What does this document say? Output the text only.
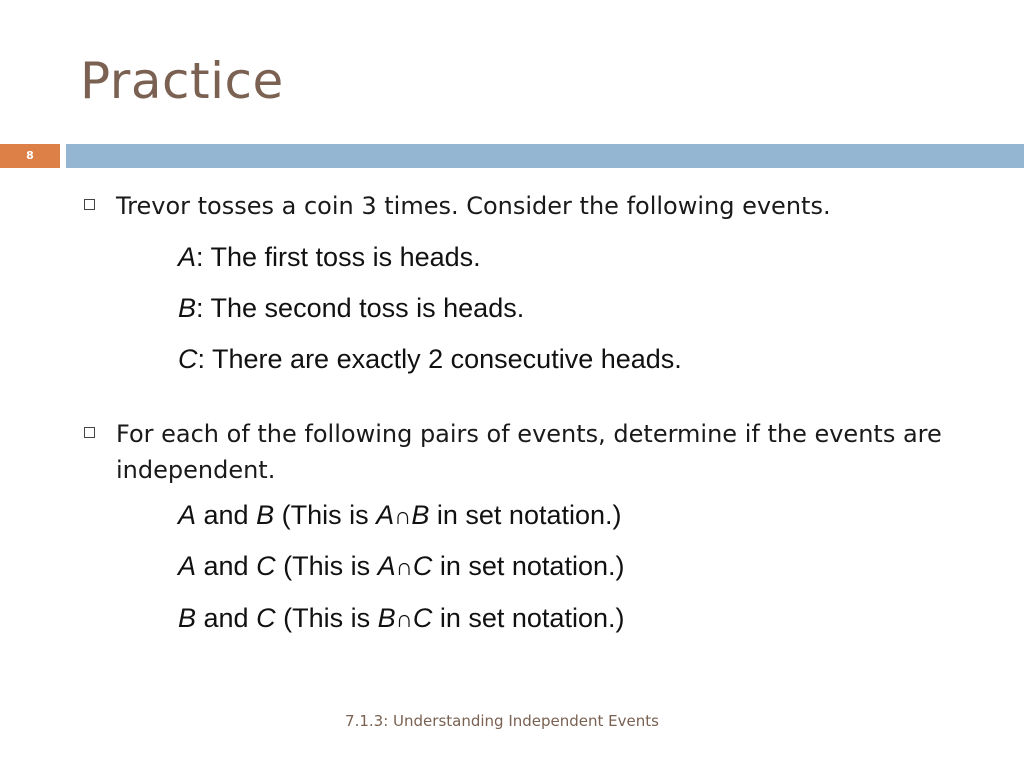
Practice
8
Trevor tosses a coin 3 times. Consider the following events.
A: The first toss is heads.
B: The second toss is heads.
C: There are exactly 2 consecutive heads.
For each of the following pairs of events, determine if the events are independent.
A and B (This is A∩B in set notation.)
A and C (This is A∩C in set notation.)
B and C (This is B∩C in set notation.)
7.1.3: Understanding Independent Events
